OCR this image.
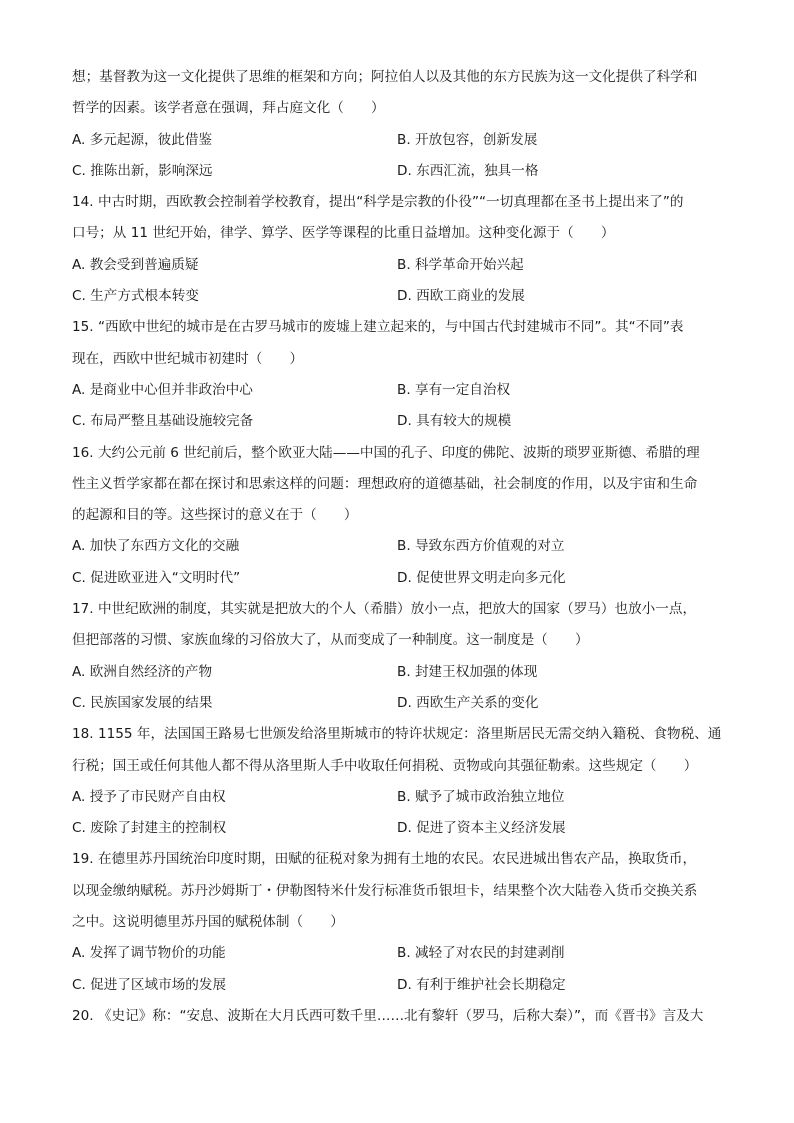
想；基督教为这一文化提供了思维的框架和方向；阿拉伯人以及其他的东方民族为这一文化提供了科学和
哲学的因素。该学者意在强调，拜占庭文化（　　）
A. 多元起源，彼此借鉴	B. 开放包容，创新发展
C. 推陈出新，影响深远	D. 东西汇流，独具一格
14. 中古时期，西欧教会控制着学校教育，提出“科学是宗教的仆役”“一切真理都在圣书上提出来了”的
口号；从 11 世纪开始，律学、算学、医学等课程的比重日益增加。这种变化源于（　　）
A. 教会受到普遍质疑	B. 科学革命开始兴起
C. 生产方式根本转变	D. 西欧工商业的发展
15. “西欧中世纪的城市是在古罗马城市的废墟上建立起来的，与中国古代封建城市不同”。其“不同”表
现在，西欧中世纪城市初建时（　　）
A. 是商业中心但并非政治中心	B. 享有一定自治权
C. 布局严整且基础设施较完备	D. 具有较大的规模
16. 大约公元前 6 世纪前后，整个欧亚大陆——中国的孔子、印度的佛陀、波斯的琐罗亚斯德、希腊的理
性主义哲学家都在都在探讨和思索这样的问题：理想政府的道德基础，社会制度的作用，以及宇宙和生命
的起源和目的等。这些探讨的意义在于（　　）
A. 加快了东西方文化的交融	B. 导致东西方价值观的对立
C. 促进欧亚进入“文明时代”	D. 促使世界文明走向多元化
17. 中世纪欧洲的制度，其实就是把放大的个人（希腊）放小一点，把放大的国家（罗马）也放小一点，
但把部落的习惯、家族血缘的习俗放大了，从而变成了一种制度。这一制度是（　　）
A. 欧洲自然经济的产物	B. 封建王权加强的体现
C. 民族国家发展的结果	D. 西欧生产关系的变化
18. 1155 年，法国国王路易七世颁发给洛里斯城市的特许状规定：洛里斯居民无需交纳入籍税、食物税、通
行税；国王或任何其他人都不得从洛里斯人手中收取任何捐税、贡物或向其强征勒索。这些规定（　　）
A. 授予了市民财产自由权	B. 赋予了城市政治独立地位
C. 废除了封建主的控制权	D. 促进了资本主义经济发展
19. 在德里苏丹国统治印度时期，田赋的征税对象为拥有土地的农民。农民进城出售农产品，换取货币，
以现金缴纳赋税。苏丹沙姆斯丁・伊勒图特米什发行标准货币银坦卡，结果整个次大陆卷入货币交换关系
之中。这说明德里苏丹国的赋税体制（　　）
A. 发挥了调节物价的功能	B. 减轻了对农民的封建剥削
C. 促进了区域市场的发展	D. 有利于维护社会长期稳定
20. 《史记》称：“安息、波斯在大月氏西可数千里……北有黎轩（罗马，后称大秦）”，而《晋书》言及大
